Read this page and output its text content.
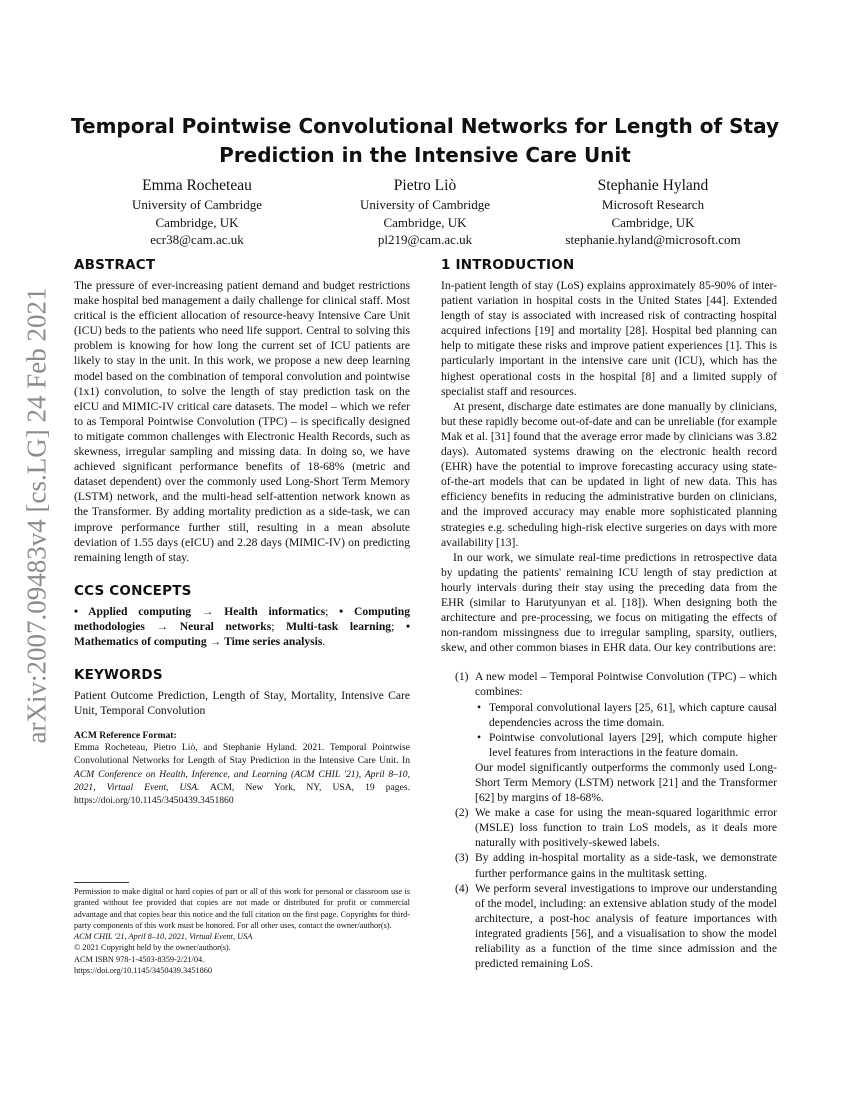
arXiv:2007.09483v4 [cs.LG] 24 Feb 2021
Temporal Pointwise Convolutional Networks for Length of Stay Prediction in the Intensive Care Unit
Emma Rocheteau
University of Cambridge
Cambridge, UK
ecr38@cam.ac.uk
Pietro Liò
University of Cambridge
Cambridge, UK
pl219@cam.ac.uk
Stephanie Hyland
Microsoft Research
Cambridge, UK
stephanie.hyland@microsoft.com
ABSTRACT

The pressure of ever-increasing patient demand and budget restrictions make hospital bed management a daily challenge for clinical staff. Most critical is the efficient allocation of resource-heavy Intensive Care Unit (ICU) beds to the patients who need life support. Central to solving this problem is knowing for how long the current set of ICU patients are likely to stay in the unit. In this work, we propose a new deep learning model based on the combination of temporal convolution and pointwise (1x1) convolution, to solve the length of stay prediction task on the eICU and MIMIC-IV critical care datasets. The model – which we refer to as Temporal Pointwise Convolution (TPC) – is specifically designed to mitigate common challenges with Electronic Health Records, such as skewness, irregular sampling and missing data. In doing so, we have achieved significant performance benefits of 18-68% (metric and dataset dependent) over the commonly used Long-Short Term Memory (LSTM) network, and the multi-head self-attention network known as the Transformer. By adding mortality prediction as a side-task, we can improve performance further still, resulting in a mean absolute deviation of 1.55 days (eICU) and 2.28 days (MIMIC-IV) on predicting remaining length of stay.

CCS CONCEPTS
• Applied computing → Health informatics; • Computing methodologies → Neural networks; Multi-task learning; • Mathematics of computing → Time series analysis.
KEYWORDS

Patient Outcome Prediction, Length of Stay, Mortality, Intensive Care Unit, Temporal Convolution

ACM Reference Format:
Emma Rocheteau, Pietro Liò, and Stephanie Hyland. 2021. Temporal Pointwise Convolutional Networks for Length of Stay Prediction in the Intensive Care Unit. In ACM Conference on Health, Inference, and Learning (ACM CHIL '21), April 8–10, 2021, Virtual Event, USA. ACM, New York, NY, USA, 19 pages. https://doi.org/10.1145/3450439.3451860
Permission to make digital or hard copies of part or all of this work for personal or classroom use is granted without fee provided that copies are not made or distributed for profit or commercial advantage and that copies bear this notice and the full citation on the first page. Copyrights for third-party components of this work must be honored. For all other uses, contact the owner/author(s).
ACM CHIL '21, April 8–10, 2021, Virtual Event, USA
© 2021 Copyright held by the owner/author(s).
ACM ISBN 978-1-4503-8359-2/21/04.
https://doi.org/10.1145/3450439.3451860
1 INTRODUCTION

In-patient length of stay (LoS) explains approximately 85-90% of inter-patient variation in hospital costs in the United States [44]. Extended length of stay is associated with increased risk of contracting hospital acquired infections [19] and mortality [28]. Hospital bed planning can help to mitigate these risks and improve patient experiences [1]. This is particularly important in the intensive care unit (ICU), which has the highest operational costs in the hospital [8] and a limited supply of specialist staff and resources.

At present, discharge date estimates are done manually by clinicians, but these rapidly become out-of-date and can be unreliable (for example Mak et al. [31] found that the average error made by clinicians was 3.82 days). Automated systems drawing on the electronic health record (EHR) have the potential to improve forecasting accuracy using state-of-the-art models that can be updated in light of new data. This has efficiency benefits in reducing the administrative burden on clinicians, and the improved accuracy may enable more sophisticated planning strategies e.g. scheduling high-risk elective surgeries on days with more availability [13].

In our work, we simulate real-time predictions in retrospective data by updating the patients' remaining ICU length of stay prediction at hourly intervals during their stay using the preceding data from the EHR (similar to Harutyunyan et al. [18]). When designing both the architecture and pre-processing, we focus on mitigating the effects of non-random missingness due to irregular sampling, sparsity, outliers, skew, and other common biases in EHR data. Our key contributions are:

(1) A new model – Temporal Pointwise Convolution (TPC) – which combines:
• Temporal convolutional layers [25, 61], which capture causal dependencies across the time domain.
• Pointwise convolutional layers [29], which compute higher level features from interactions in the feature domain.
Our model significantly outperforms the commonly used Long-Short Term Memory (LSTM) network [21] and the Transformer [62] by margins of 18-68%.
(2) We make a case for using the mean-squared logarithmic error (MSLE) loss function to train LoS models, as it deals more naturally with positively-skewed labels.
(3) By adding in-hospital mortality as a side-task, we demonstrate further performance gains in the multitask setting.
(4) We perform several investigations to improve our understanding of the model, including: an extensive ablation study of the model architecture, a post-hoc analysis of feature importances with integrated gradients [56], and a visualisation to show the model reliability as a function of the time since admission and the predicted remaining LoS.
